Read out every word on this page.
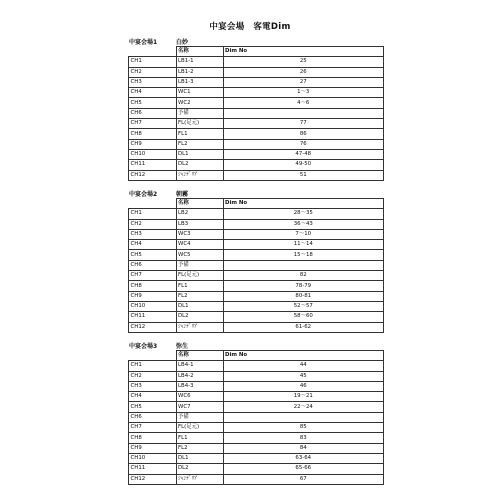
中宴会場　客電Dim
中宴会場1	白妙
	名称	Dim No
CH1	LB1-1	25
CH2	LB1-2	26
CH3	LB1-3	27
CH4	WC1	1～3
CH5	WC2	4～6
CH6	予備	
CH7	FL(足元)	77
CH8	FL1	86
CH9	FL2	76
CH10	DL1	47-48
CH11	DL2	49-50
CH12	ｼｬﾝﾃﾞﾘｱ	51
中宴会場2	朝霧
	名称	Dim No
CH1	LB2	28～35
CH2	LB3	36～43
CH3	WC3	7～10
CH4	WC4	11～14
CH5	WC5	15～18
CH6	予備	
CH7	FL(足元)	82
CH8	FL1	78-79
CH9	FL2	80-81
CH10	DL1	52～57
CH11	DL2	58～60
CH12	ｼｬﾝﾃﾞﾘｱ	61-62
中宴会場3	弥生
	名称	Dim No
CH1	LB4-1	44
CH2	LB4-2	45
CH3	LB4-3	46
CH4	WC6	19～21
CH5	WC7	22～24
CH6	予備	
CH7	FL(足元)	85
CH8	FL1	83
CH9	FL2	84
CH10	DL1	63-64
CH11	DL2	65-66
CH12	ｼｬﾝﾃﾞﾘｱ	67
